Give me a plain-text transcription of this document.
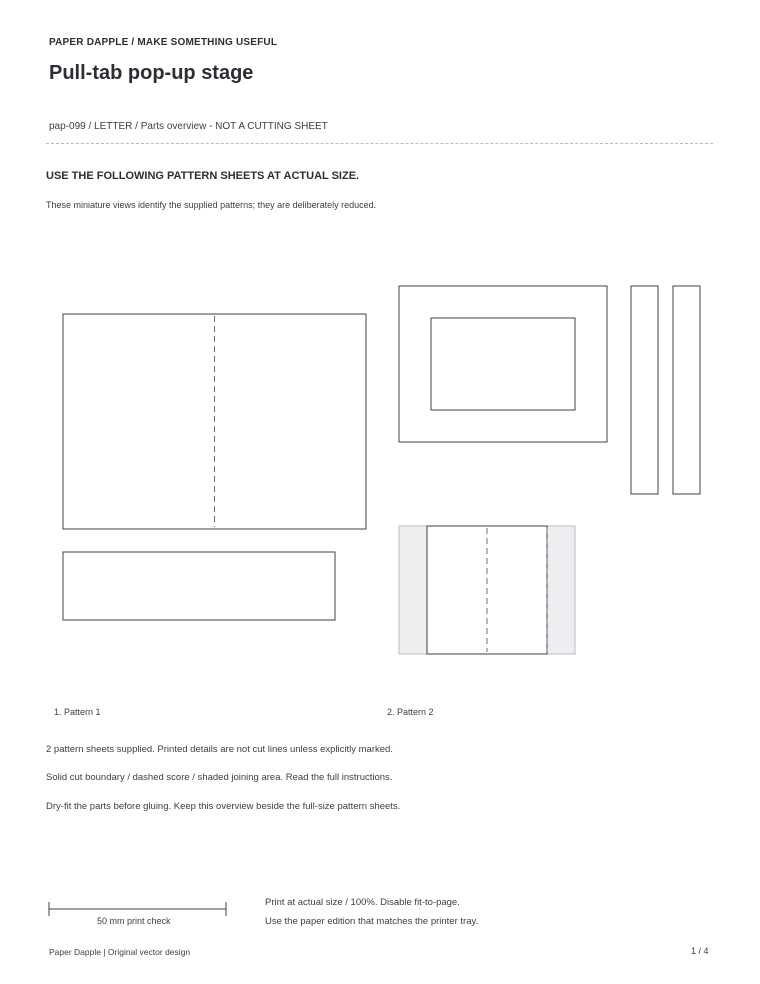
PAPER DAPPLE / MAKE SOMETHING USEFUL
Pull-tab pop-up stage
pap-099 / LETTER / Parts overview - NOT A CUTTING SHEET
USE THE FOLLOWING PATTERN SHEETS AT ACTUAL SIZE.
These miniature views identify the supplied patterns; they are deliberately reduced.
1. Pattern 1	2. Pattern 2
2 pattern sheets supplied. Printed details are not cut lines unless explicitly marked.
Solid cut boundary / dashed score / shaded joining area. Read the full instructions.
Dry-fit the parts before gluing. Keep this overview beside the full-size pattern sheets.
50 mm print check
Print at actual size / 100%. Disable fit-to-page.
Use the paper edition that matches the printer tray.
Paper Dapple | Original vector design	1 / 4
